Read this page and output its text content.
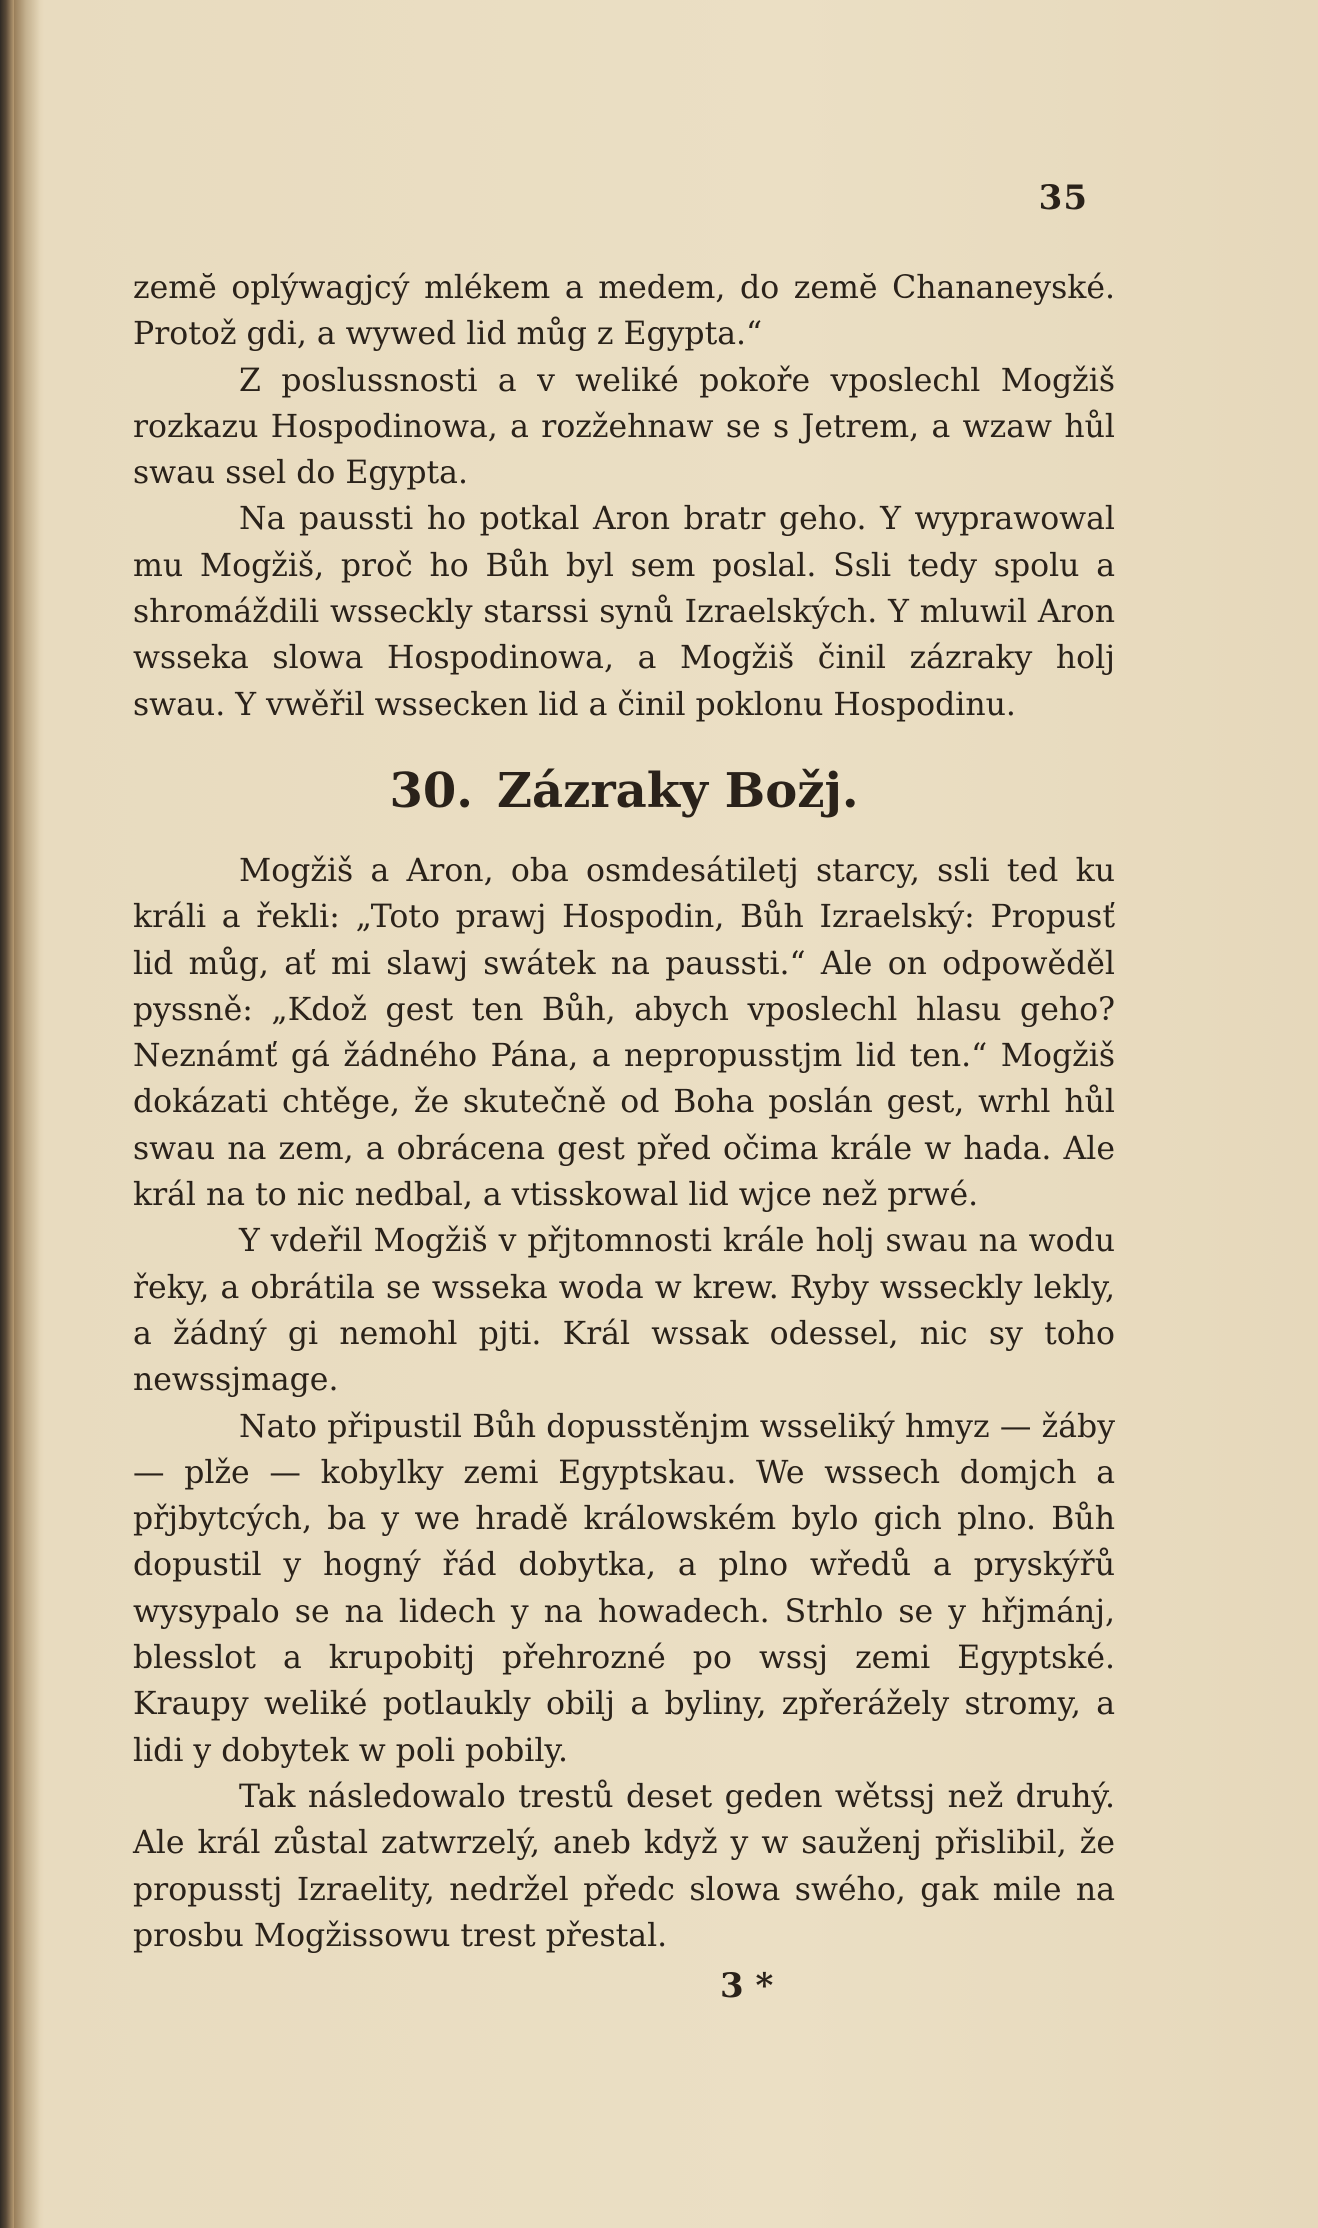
35

zemĕ oplýwagjcý mlékem a medem, do zemĕ Chananeyské. Protož gdi, a wywed lid můg z Egypta.“

Z poslussnosti a v weliké pokoře vposlechl Mogžiš rozkazu Hospodinowa, a rozžehnaw se s Jetrem, a wzaw hůl swau ssel do Egypta.

Na paussti ho potkal Aron bratr geho. Y wyprawowal mu Mogžiš, proč ho Bůh byl sem poslal. Ssli tedy spolu a shromáždili wsseckly starssi synů Izraelských. Y mluwil Aron wsseka slowa Hospodinowa, a Mogžiš činil zázraky holj swau. Y vwěřil wssecken lid a činil poklonu Hospodinu.

30. Zázraky Božj.

Mogžiš a Aron, oba osmdesátiletj starcy, ssli ted ku králi a řekli: „Toto prawj Hospodin, Bůh Izraelský: Propusť lid můg, ať mi slawj swátek na paussti.“ Ale on odpowěděl pyssně: „Kdož gest ten Bůh, abych vposlechl hlasu geho? Neznámť gá žádného Pána, a nepropusstjm lid ten.“ Mogžiš dokázati chtěge, že skutečně od Boha poslán gest, wrhl hůl swau na zem, a obrácena gest před očima krále w hada. Ale král na to nic nedbal, a vtisskowal lid wjce než prwé.

Y vdeřil Mogžiš v přjtomnosti krále holj swau na wodu řeky, a obrátila se wsseka woda w krew. Ryby wsseckly lekly, a žádný gi nemohl pjti. Král wssak odessel, nic sy toho newssjmage.

Nato připustil Bůh dopusstěnjm wsseliký hmyz — žáby — plže — kobylky zemi Egyptskau. We wssech domjch a přjbytcých, ba y we hradě králowském bylo gich plno. Bůh dopustil y hogný řád dobytka, a plno wředů a pryskýřů wysypalo se na lidech y na howadech. Strhlo se y hřjmánj, blesslot a krupobitj přehrozné po wssj zemi Egyptské. Kraupy weliké potlaukly obilj a byliny, zpřerážely stromy, a lidi y dobytek w poli pobily.

Tak následowalo trestů deset geden wětssj než druhý. Ale král zůstal zatwrzelý, aneb když y w sauženj přislibil, že propusstj Izraelity, nedržel předc slowa swého, gak mile na prosbu Mogžissowu trest přestal.

3 *
